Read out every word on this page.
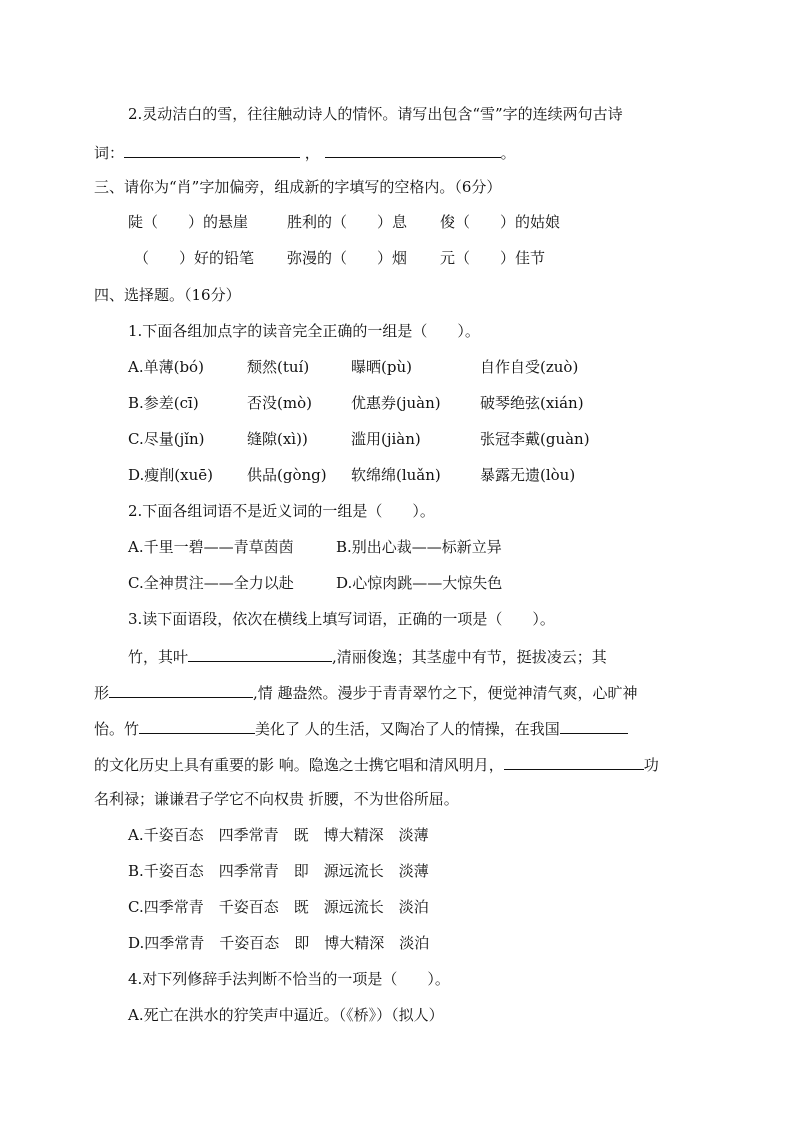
2.灵动洁白的雪，往往触动诗人的情怀。请写出包含“雪”字的连续两句古诗
词：	，	。
三、请你为“肖”字加偏旁，组成新的字填写的空格内。（6分）
陡（　　）的悬崖	胜利的（　　）息 俊（　　）的姑娘
（　　）好的铅笔 弥漫的（　　）烟 元（　　）佳节
四、选择题。（16分）
1.下面各组加点字的读音完全正确的一组是（　　）。
A.单薄(bó)	颓然(tuí)	曝晒(pù)	自作自受(zuò)
B.参差(cī)	否没(mò)	优惠券(juàn)	破琴绝弦(xián)
C.尽量(jǐn)	缝隙(xì))	滥用(jiàn)	张冠李戴(guàn)
D.瘦削(xuē) 供品(gòng) 软绵绵(luǎn)	暴露无遗(lòu)
2.下面各组词语不是近义词的一组是（　　）。
A.千里一碧——青草茵茵	B.别出心裁——标新立异
C.全神贯注——全力以赴	D.心惊肉跳——大惊失色
3.读下面语段，依次在横线上填写词语，正确的一项是（　　）。
竹，其叶	,清丽俊逸；其茎虚中有节，挺拔凌云；其
形	,情 趣盎然。漫步于青青翠竹之下，便觉神清气爽，心旷神
怡。竹	美化了 人的生活，又陶冶了人的情操，在我国
的文化历史上具有重要的影 响。隐逸之士携它唱和清风明月，	功
名利禄；谦谦君子学它不向权贵 折腰，不为世俗所屈。
A.千姿百态　四季常青　既　博大精深　淡薄
B.千姿百态　四季常青　即　源远流长　淡薄
C.四季常青　千姿百态　既　源远流长　淡泊
D.四季常青　千姿百态　即　博大精深　淡泊
4.对下列修辞手法判断不恰当的一项是（　　）。
A.死亡在洪水的狞笑声中逼近。（《桥》）（拟人）
